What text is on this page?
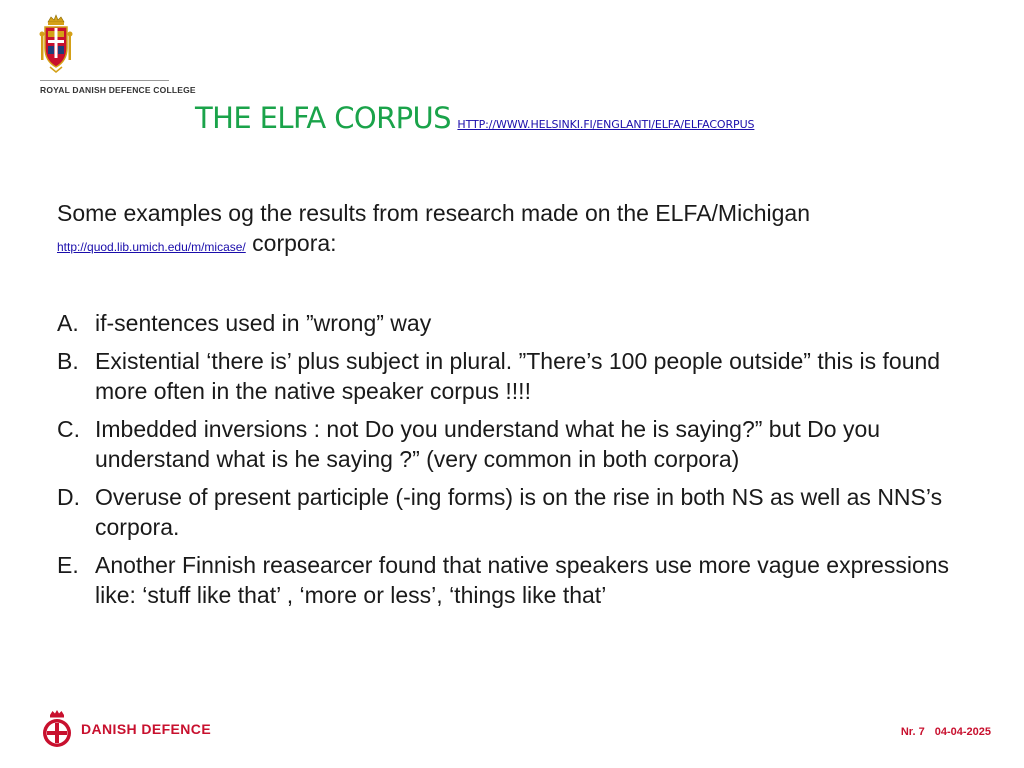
ROYAL DANISH DEFENCE COLLEGE
THE ELFA CORPUS HTTP://WWW.HELSINKI.FI/ENGLANTI/ELFA/ELFACORPUS

Some examples og the results from research made on the ELFA/Michigan
http://quod.lib.umich.edu/m/micase/ corpora:

A. if-sentences used in ”wrong” way
B. Existential ‘there is’ plus subject in plural. ”There’s 100 people outside” this is found more often in the native speaker corpus !!!!
C. Imbedded inversions : not Do you understand what he is saying?” but Do you understand what is he saying ?” (very common in both corpora)
D. Overuse of present participle (-ing forms) is on the rise in both NS as well as NNS’s corpora.
E. Another Finnish reasearcer found that native speakers use more vague expressions like: ‘stuff like that’ , ‘more or less’, ‘things like that’
DANISH DEFENCE	Nr. 7 04-04-2025
